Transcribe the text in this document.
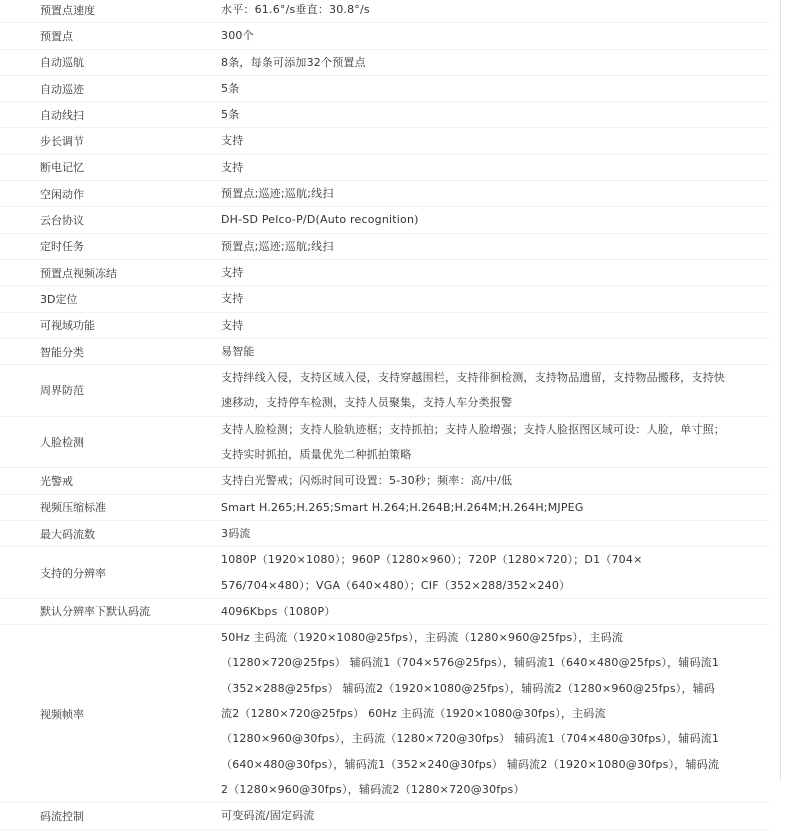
预置点速度	水平：61.6°/s垂直：30.8°/s

预置点	300个

自动巡航	8条，每条可添加32个预置点

自动巡迹	5条

自动线扫	5条

步长调节	支持

断电记忆	支持

空闲动作	预置点;巡迹;巡航;线扫

云台协议	DH-SD Pelco-P/D(Auto recognition)

定时任务	预置点;巡迹;巡航;线扫

预置点视频冻结	支持

3D定位	支持

可视域功能	支持

智能分类	易智能

周界防范	支持绊线入侵，支持区域入侵，支持穿越围栏，支持徘徊检测，支持物品遗留，支持物品搬移，支持快速移动，支持停车检测，支持人员聚集，支持人车分类报警

人脸检测	支持人脸检测；支持人脸轨迹框；支持抓拍；支持人脸增强；支持人脸抠图区域可设：人脸，单寸照；支持实时抓拍，质量优先二种抓拍策略

光警戒	支持白光警戒；闪烁时间可设置：5-30秒；频率：高/中/低

视频压缩标准	Smart H.265;H.265;Smart H.264;H.264B;H.264M;H.264H;MJPEG

最大码流数	3码流

支持的分辨率	1080P（1920×1080）；960P（1280×960）；720P（1280×720）；D1（704× 576/704×480）；VGA（640×480）；CIF（352×288/352×240）

默认分辨率下默认码流	4096Kbps（1080P）

视频帧率	50Hz 主码流（1920×1080@25fps），主码流（1280×960@25fps），主码流（1280×720@25fps） 辅码流1（704×576@25fps），辅码流1（640×480@25fps），辅码流1（352×288@25fps） 辅码流2（1920×1080@25fps），辅码流2（1280×960@25fps），辅码流2（1280×720@25fps） 60Hz 主码流（1920×1080@30fps），主码流（1280×960@30fps），主码流（1280×720@30fps） 辅码流1（704×480@30fps），辅码流1（640×480@30fps），辅码流1（352×240@30fps） 辅码流2（1920×1080@30fps），辅码流2（1280×960@30fps），辅码流2（1280×720@30fps）

码流控制	可变码流/固定码流
